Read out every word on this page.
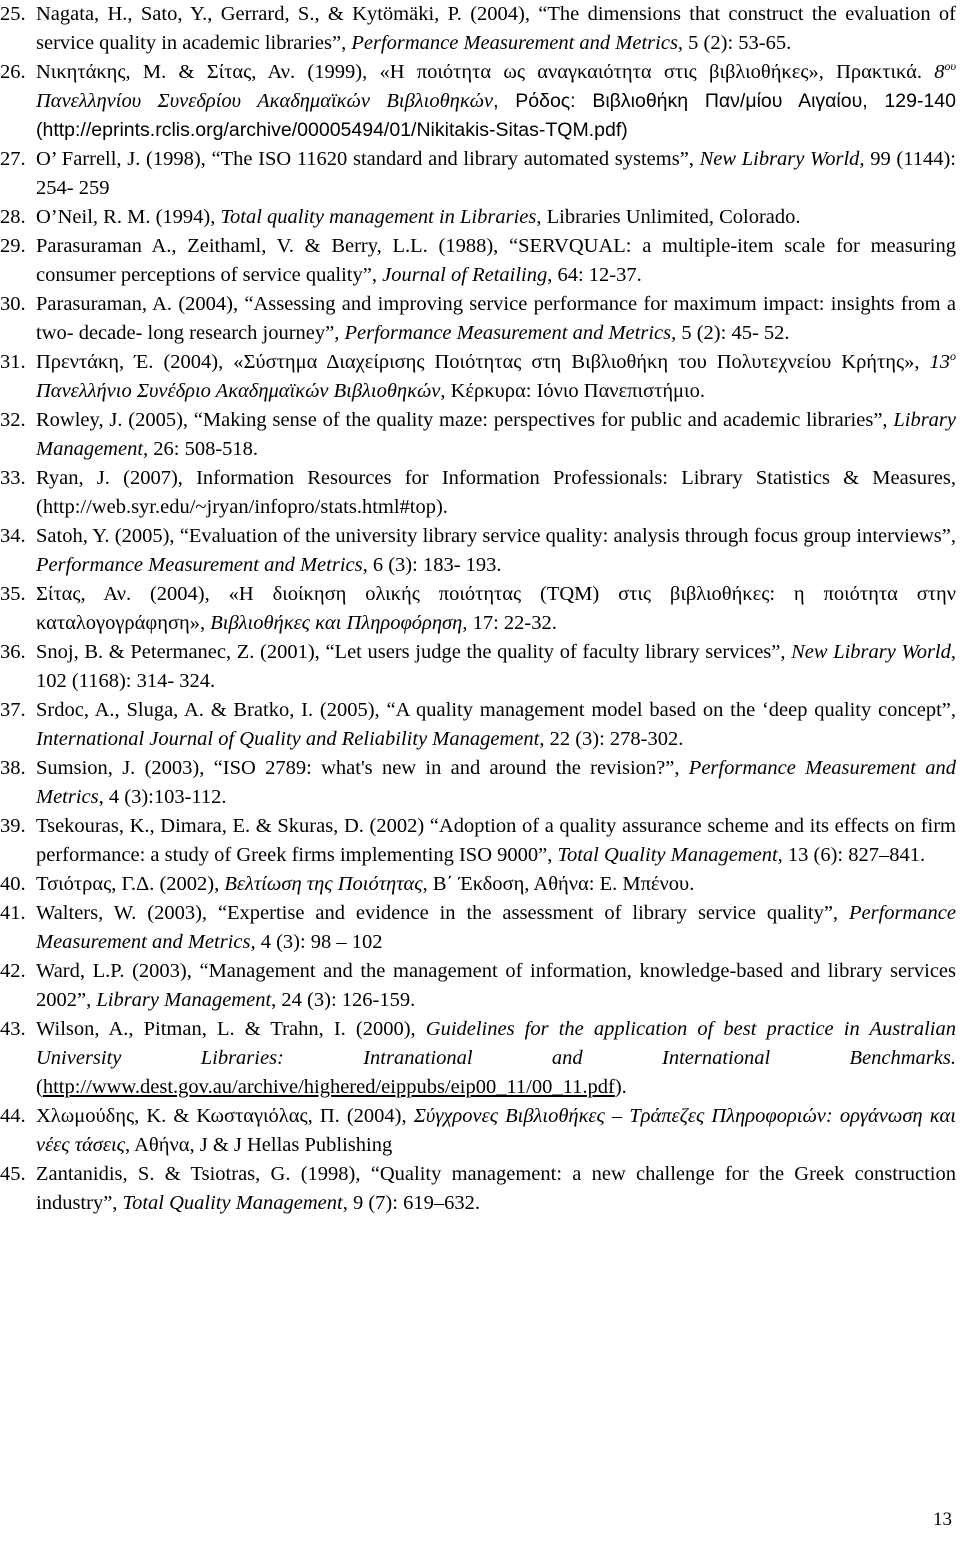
25. Nagata, H., Sato, Y., Gerrard, S., & Kytömäki, P. (2004), “The dimensions that construct the evaluation of service quality in academic libraries”, Performance Measurement and Metrics, 5 (2): 53-65.
26. Νικητάκης, Μ. & Σίτας, Αν. (1999), «Η ποιότητα ως αναγκαιότητα στις βιβλιοθήκες», Πρακτικά. $8^{o\upsilon}$ Πανελληνίου Συνεδρίου Ακαδημαϊκών Βιβλιοθηκών, Ρόδος: Βιβλιοθήκη Παν/μίου Αιγαίου, 129-140 (http://eprints.rclis.org/archive/00005494/01/Nikitakis-Sitas-TQM.pdf)
27. O’ Farrell, J. (1998), “The ISO 11620 standard and library automated systems”, New Library World, 99 (1144): 254- 259
28. O’Neil, R. M. (1994), Total quality management in Libraries, Libraries Unlimited, Colorado.
29. Parasuraman A., Zeithaml, V. & Berry, L.L. (1988), “SERVQUAL: a multiple-item scale for measuring consumer perceptions of service quality”, Journal of Retailing, 64: 12-37.
30. Parasuraman, A. (2004), “Assessing and improving service performance for maximum impact: insights from a two- decade- long research journey”, Performance Measurement and Metrics, 5 (2): 45- 52.
31. Πρεντάκη, Έ. (2004), «Σύστημα Διαχείρισης Ποιότητας στη Βιβλιοθήκη του Πολυτεχνείου Κρήτης», $13^o$ Πανελλήνιο Συνέδριο Ακαδημαϊκών Βιβλιοθηκών, Κέρκυρα: Ιόνιο Πανεπιστήμιο.
32. Rowley, J. (2005), “Making sense of the quality maze: perspectives for public and academic libraries”, Library Management, 26: 508-518.
33. Ryan, J. (2007), Information Resources for Information Professionals: Library Statistics & Measures, (http://web.syr.edu/~jryan/infopro/stats.html#top).
34. Satoh, Y. (2005), “Evaluation of the university library service quality: analysis through focus group interviews”, Performance Measurement and Metrics, 6 (3): 183- 193.
35. Σίτας, Αν. (2004), «Η διοίκηση ολικής ποιότητας (TQM) στις βιβλιοθήκες: η ποιότητα στην καταλογογράφηση», Βιβλιοθήκες και Πληροφόρηση, 17: 22-32.
36. Snoj, B. & Petermanec, Z. (2001), “Let users judge the quality of faculty library services”, New Library World, 102 (1168): 314- 324.
37. Srdoc, A., Sluga, A. & Bratko, I. (2005), “A quality management model based on the ‘deep quality concept”, International Journal of Quality and Reliability Management, 22 (3): 278-302.
38. Sumsion, J. (2003), “ISO 2789: what's new in and around the revision?”, Performance Measurement and Metrics, 4 (3):103-112.
39. Tsekouras, K., Dimara, E. & Skuras, D. (2002) “Adoption of a quality assurance scheme and its effects on firm performance: a study of Greek firms implementing ISO 9000”, Total Quality Management, 13 (6): 827–841.
40. Τσιότρας, Γ.Δ. (2002), Βελτίωση της Ποιότητας, Β΄ Έκδοση, Αθήνα: Ε. Μπένου.
41. Walters, W. (2003), “Expertise and evidence in the assessment of library service quality”, Performance Measurement and Metrics, 4 (3): 98 – 102
42. Ward, L.P. (2003), “Management and the management of information, knowledge-based and library services 2002”, Library Management, 24 (3): 126-159.
43. Wilson, A., Pitman, L. & Trahn, I. (2000), Guidelines for the application of best practice in Australian University Libraries: Intranational and International Benchmarks. (http://www.dest.gov.au/archive/highered/eippubs/eip00_11/00_11.pdf).
44. Χλωμούδης, Κ. & Κωσταγιόλας, Π. (2004), Σύγχρονες Βιβλιοθήκες – Τράπεζες Πληροφοριών: οργάνωση και νέες τάσεις, Αθήνα, J & J Hellas Publishing
45. Zantanidis, S. & Tsiotras, G. (1998), “Quality management: a new challenge for the Greek construction industry”, Total Quality Management, 9 (7): 619–632.
13
